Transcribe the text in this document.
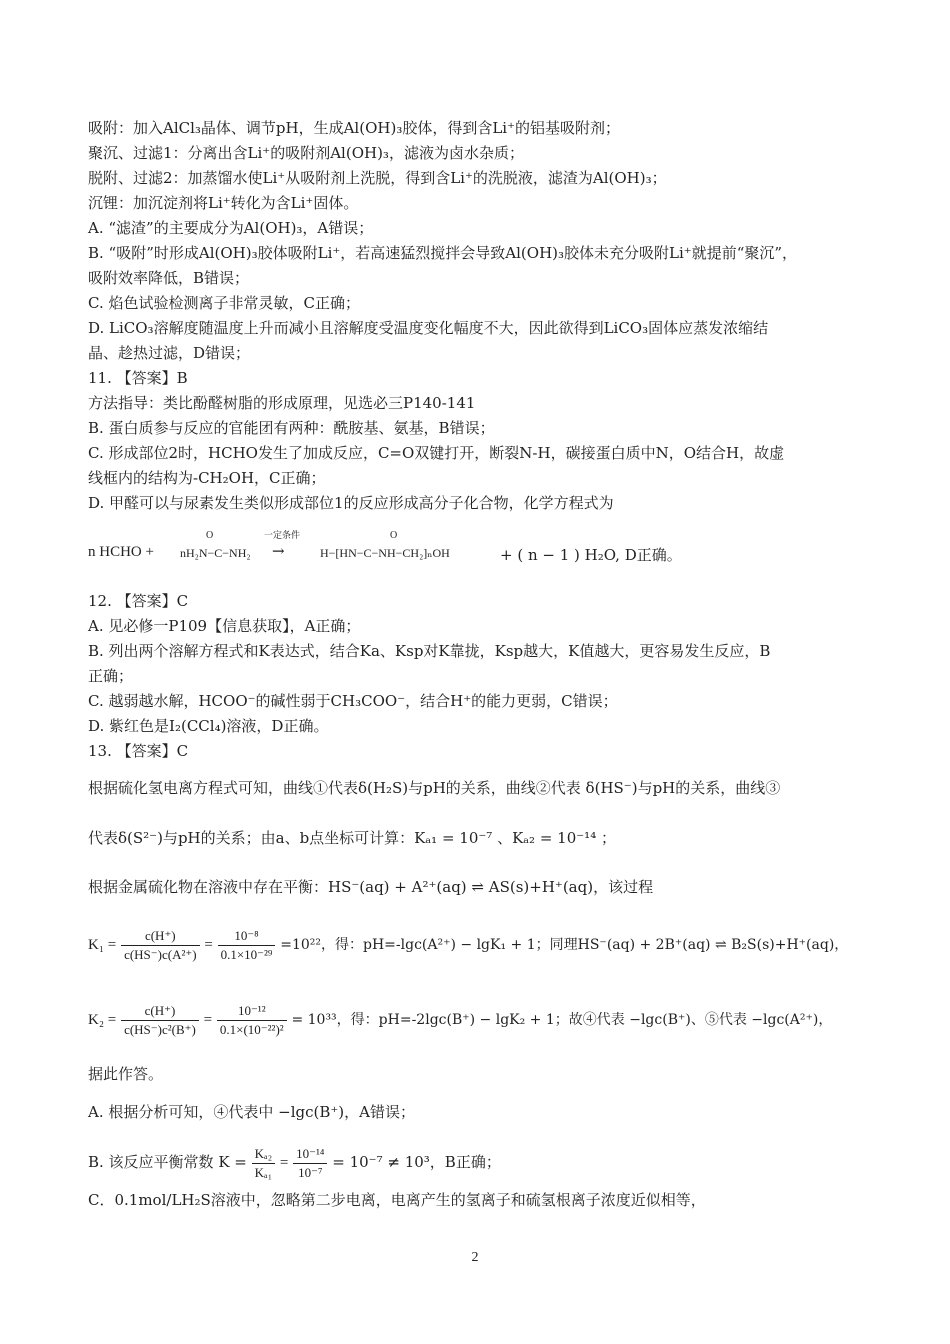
吸附：加入AlCl₃晶体、调节pH，生成Al(OH)₃胶体，得到含Li⁺的铝基吸附剂；
聚沉、过滤1：分离出含Li⁺的吸附剂Al(OH)₃，滤液为卤水杂质；
脱附、过滤2：加蒸馏水使Li⁺从吸附剂上洗脱，得到含Li⁺的洗脱液，滤渣为Al(OH)₃；
沉锂：加沉淀剂将Li⁺转化为含Li⁺固体。
A. “滤渣”的主要成分为Al(OH)₃，A错误；
B. “吸附”时形成Al(OH)₃胶体吸附Li⁺，若高速猛烈搅拌会导致Al(OH)₃胶体未充分吸附Li⁺就提前“聚沉”，
吸附效率降低，B错误；
C. 焰色试验检测离子非常灵敏，C正确；
D. LiCO₃溶解度随温度上升而减小且溶解度受温度变化幅度不大，因此欲得到LiCO₃固体应蒸发浓缩结
晶、趁热过滤，D错误；
11. 【答案】B
方法指导：类比酚醛树脂的形成原理，见选必三P140-141
B. 蛋白质参与反应的官能团有两种：酰胺基、氨基，B错误；
C. 形成部位2时，HCHO发生了加成反应，C=O双键打开，断裂N-H，碳接蛋白质中N，O结合H，故虚
线框内的结构为-CH₂OH，C正确；
D. 甲醛可以与尿素发生类似形成部位1的反应形成高分子化合物，化学方程式为
n HCHO + nH₂N−C−NH₂
O	一定条件
→	H−[HN−C−NH−CH₂]ₙOH
O
+ ( n − 1 ) H₂O, D正确。
12. 【答案】C
A. 见必修一P109【信息获取】，A正确；
B. 列出两个溶解方程式和K表达式，结合Ka、Ksp对K靠拢，Ksp越大，K值越大，更容易发生反应，B
正确；
C. 越弱越水解，HCOO⁻的碱性弱于CH₃COO⁻，结合H⁺的能力更弱，C错误；
D. 紫红色是I₂(CCl₄)溶液，D正确。
13. 【答案】C
根据硫化氢电离方程式可知，曲线①代表δ(H₂S)与pH的关系，曲线②代表 δ(HS⁻)与pH的关系，曲线③
代表δ(S²⁻)与pH的关系；由a、b点坐标可计算：Kₐ₁ = 10⁻⁷ 、Kₐ₂ = 10⁻¹⁴ ；
根据金属硫化物在溶液中存在平衡：HS⁻(aq) + A²⁺(aq) ⇌ AS(s)+H⁺(aq)，该过程
$K_1 = \frac{c(H^+)}{\text{c(HS⁻)c(A²⁺)}} = \frac{\text{10⁻⁸}}{\text{0.1×10⁻²⁹}} =10^{22}$，得：pH=-lgc(A²⁺) − lgK₁ + 1；同理HS⁻(aq) + 2B⁺(aq) ⇌ B₂S(s)+H⁺(aq)，
$K_2 = \frac{c(H^+)}{\text{c(HS⁻)c²(B⁺)}} = \frac{\text{10⁻¹²}}{\text{0.1×(10⁻²²)²}} = 10^{33}$，得：pH=-2lgc(B⁺) − lgK₂ + 1；故④代表 −lgc(B⁺)、⑤代表 −lgc(A²⁺)，
据此作答。
A. 根据分析可知，④代表中 −lgc(B⁺)，A错误；
B. 该反应平衡常数 $K = \frac{\text{Kₐ₂}}{\text{Kₐ₁}} = \frac{\text{10⁻¹⁴}}{\text{10⁻⁷}} = 10^{-7} \ne 10^3$，B正确；
C．0.1mol/LH₂S溶液中，忽略第二步电离，电离产生的氢离子和硫氢根离子浓度近似相等，
2
